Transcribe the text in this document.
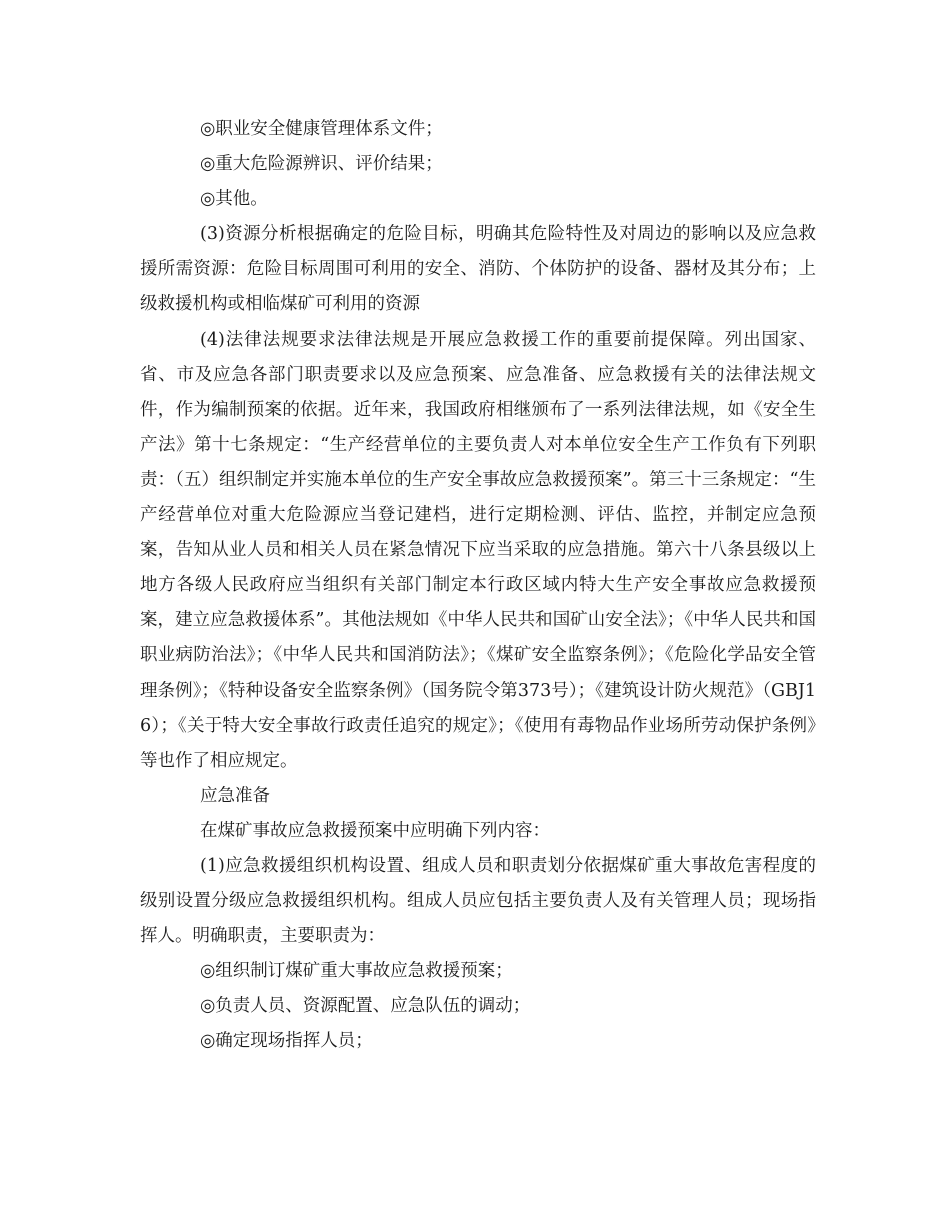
◎职业安全健康管理体系文件；

◎重大危险源辨识、评价结果；

◎其他。

(3)资源分析根据确定的危险目标，明确其危险特性及对周边的影响以及应急救援所需资源：危险目标周围可利用的安全、消防、个体防护的设备、器材及其分布；上级救援机构或相临煤矿可利用的资源

(4)法律法规要求法律法规是开展应急救援工作的重要前提保障。列出国家、省、市及应急各部门职责要求以及应急预案、应急准备、应急救援有关的法律法规文件，作为编制预案的依据。近年来，我国政府相继颁布了一系列法律法规，如《安全生产法》第十七条规定：“生产经营单位的主要负责人对本单位安全生产工作负有下列职责：（五）组织制定并实施本单位的生产安全事故应急救援预案”。第三十三条规定：“生产经营单位对重大危险源应当登记建档，进行定期检测、评估、监控，并制定应急预案，告知从业人员和相关人员在紧急情况下应当采取的应急措施。第六十八条县级以上地方各级人民政府应当组织有关部门制定本行政区域内特大生产安全事故应急救援预案，建立应急救援体系”。其他法规如《中华人民共和国矿山安全法》；《中华人民共和国职业病防治法》；《中华人民共和国消防法》；《煤矿安全监察条例》；《危险化学品安全管理条例》；《特种设备安全监察条例》（国务院令第373号）；《建筑设计防火规范》（GBJ16）；《关于特大安全事故行政责任追究的规定》；《使用有毒物品作业场所劳动保护条例》等也作了相应规定。

应急准备

在煤矿事故应急救援预案中应明确下列内容：

(1)应急救援组织机构设置、组成人员和职责划分依据煤矿重大事故危害程度的级别设置分级应急救援组织机构。组成人员应包括主要负责人及有关管理人员；现场指挥人。明确职责，主要职责为：

◎组织制订煤矿重大事故应急救援预案；

◎负责人员、资源配置、应急队伍的调动；

◎确定现场指挥人员；
